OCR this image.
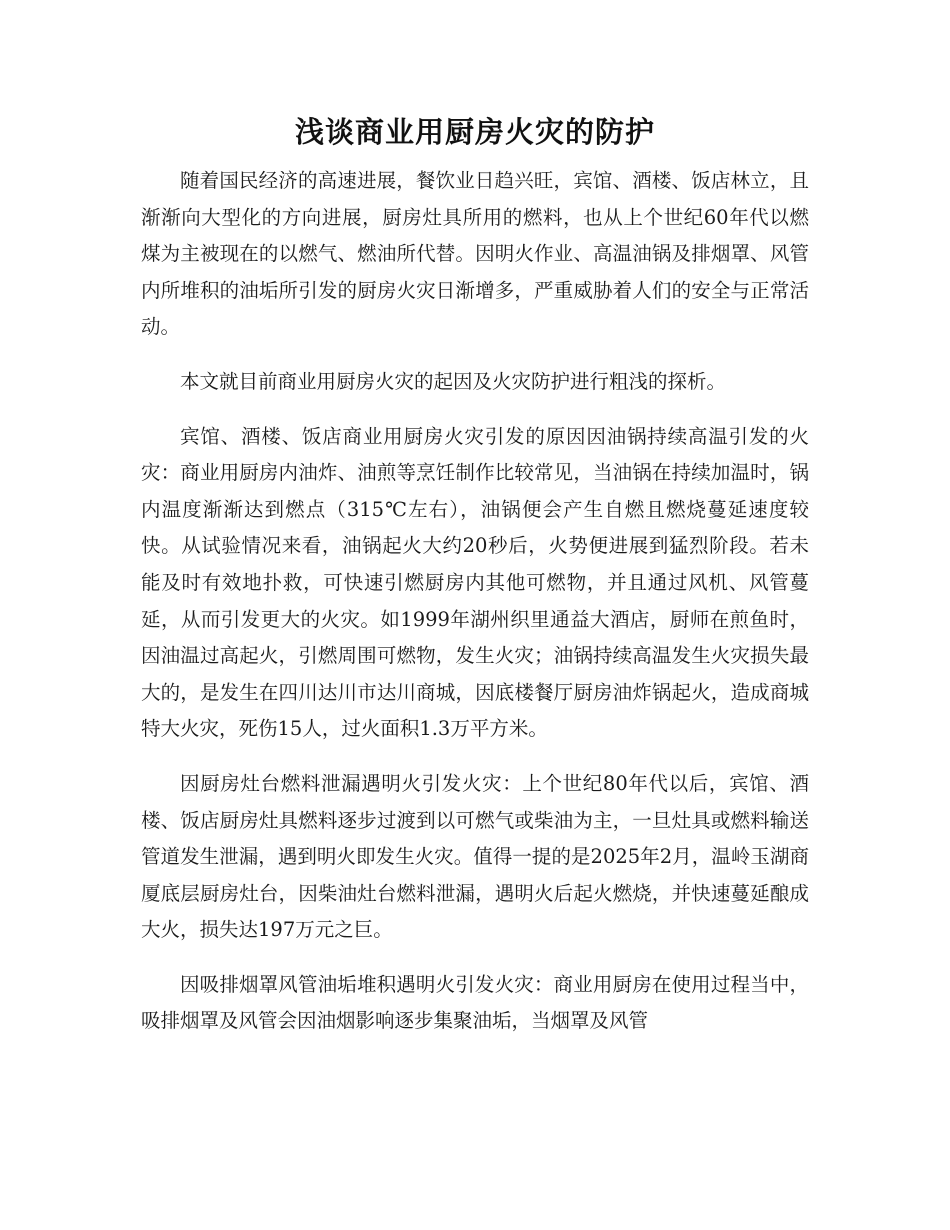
浅谈商业用厨房火灾的防护

随着国民经济的高速进展，餐饮业日趋兴旺，宾馆、酒楼、饭店林立，且渐渐向大型化的方向进展，厨房灶具所用的燃料，也从上个世纪60年代以燃煤为主被现在的以燃气、燃油所代替。因明火作业、高温油锅及排烟罩、风管内所堆积的油垢所引发的厨房火灾日渐增多，严重威胁着人们的安全与正常活动。

本文就目前商业用厨房火灾的起因及火灾防护进行粗浅的探析。

宾馆、酒楼、饭店商业用厨房火灾引发的原因因油锅持续高温引发的火灾：商业用厨房内油炸、油煎等烹饪制作比较常见，当油锅在持续加温时，锅内温度渐渐达到燃点（315℃左右），油锅便会产生自燃且燃烧蔓延速度较快。从试验情况来看，油锅起火大约20秒后，火势便进展到猛烈阶段。若未能及时有效地扑救，可快速引燃厨房内其他可燃物，并且通过风机、风管蔓延，从而引发更大的火灾。如1999年湖州织里通益大酒店，厨师在煎鱼时，因油温过高起火，引燃周围可燃物，发生火灾；油锅持续高温发生火灾损失最大的，是发生在四川达川市达川商城，因底楼餐厅厨房油炸锅起火，造成商城特大火灾，死伤15人，过火面积1.3万平方米。

因厨房灶台燃料泄漏遇明火引发火灾：上个世纪80年代以后，宾馆、酒楼、饭店厨房灶具燃料逐步过渡到以可燃气或柴油为主，一旦灶具或燃料输送管道发生泄漏，遇到明火即发生火灾。值得一提的是2025年2月，温岭玉湖商厦底层厨房灶台，因柴油灶台燃料泄漏，遇明火后起火燃烧，并快速蔓延酿成大火，损失达197万元之巨。

因吸排烟罩风管油垢堆积遇明火引发火灾：商业用厨房在使用过程当中，吸排烟罩及风管会因油烟影响逐步集聚油垢，当烟罩及风管
